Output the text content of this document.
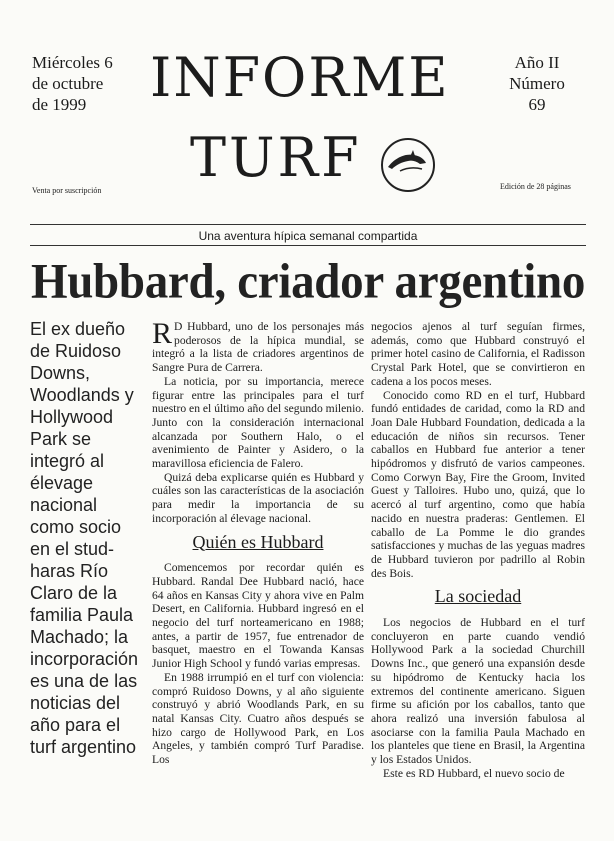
Miércoles 6
de octubre
de 1999	INFORME
TURF
Año II
Número
69
Venta por suscripción	Edición de 28 páginas
Una aventura hípica semanal compartida
Hubbard, criador argentino
El ex dueño de Ruidoso Downs, Woodlands y Hollywood Park se integró al élevage nacional como socio en el stud-haras Río Claro de la familia Paula Machado; la incorporación es una de las noticias del año para el turf argentino

R D Hubbard, uno de los personajes más poderosos de la hípica mundial, se integró a la lista de criadores argentinos de Sangre Pura de Carrera.

La noticia, por su importancia, merece figurar entre las principales para el turf nuestro en el último año del segundo milenio. Junto con la consideración internacional alcanzada por Southern Halo, o el avenimiento de Painter y Asidero, o la maravillosa eficiencia de Falero.

Quizá deba explicarse quién es Hubbard y cuáles son las características de la asociación para medir la importancia de su incorporación al élevage nacional.

Quién es Hubbard

Comencemos por recordar quién es Hubbard. Randal Dee Hubbard nació, hace 64 años en Kansas City y ahora vive en Palm Desert, en California. Hubbard ingresó en el negocio del turf norteamericano en 1988; antes, a partir de 1957, fue entrenador de basquet, maestro en el Towanda Kansas Junior High School y fundó varias empresas.

En 1988 irrumpió en el turf con violencia: compró Ruidoso Downs, y al año siguiente construyó y abrió Woodlands Park, en su natal Kansas City. Cuatro años después se hizo cargo de Hollywood Park, en Los Angeles, y también compró Turf Paradise. Los

negocios ajenos al turf seguían firmes, además, como que Hubbard construyó el primer hotel casino de California, el Radisson Crystal Park Hotel, que se convirtieron en cadena a los pocos meses.

Conocido como RD en el turf, Hubbard fundó entidades de caridad, como la RD and Joan Dale Hubbard Foundation, dedicada a la educación de niños sin recursos. Tener caballos en Hubbard fue anterior a tener hipódromos y disfrutó de varios campeones. Como Corwyn Bay, Fire the Groom, Invited Guest y Talloires. Hubo uno, quizá, que lo acercó al turf argentino, como que había nacido en nuestra praderas: Gentlemen. El caballo de La Pomme le dio grandes satisfacciones y muchas de las yeguas madres de Hubbard tuvieron por padrillo al Robin des Bois.

La sociedad

Los negocios de Hubbard en el turf concluyeron en parte cuando vendió Hollywood Park a la sociedad Churchill Downs Inc., que generó una expansión desde su hipódromo de Kentucky hacia los extremos del continente americano. Siguen firme su afición por los caballos, tanto que ahora realizó una inversión fabulosa al asociarse con la familia Paula Machado en los planteles que tiene en Brasil, la Argentina y los Estados Unidos.

Este es RD Hubbard, el nuevo socio de
